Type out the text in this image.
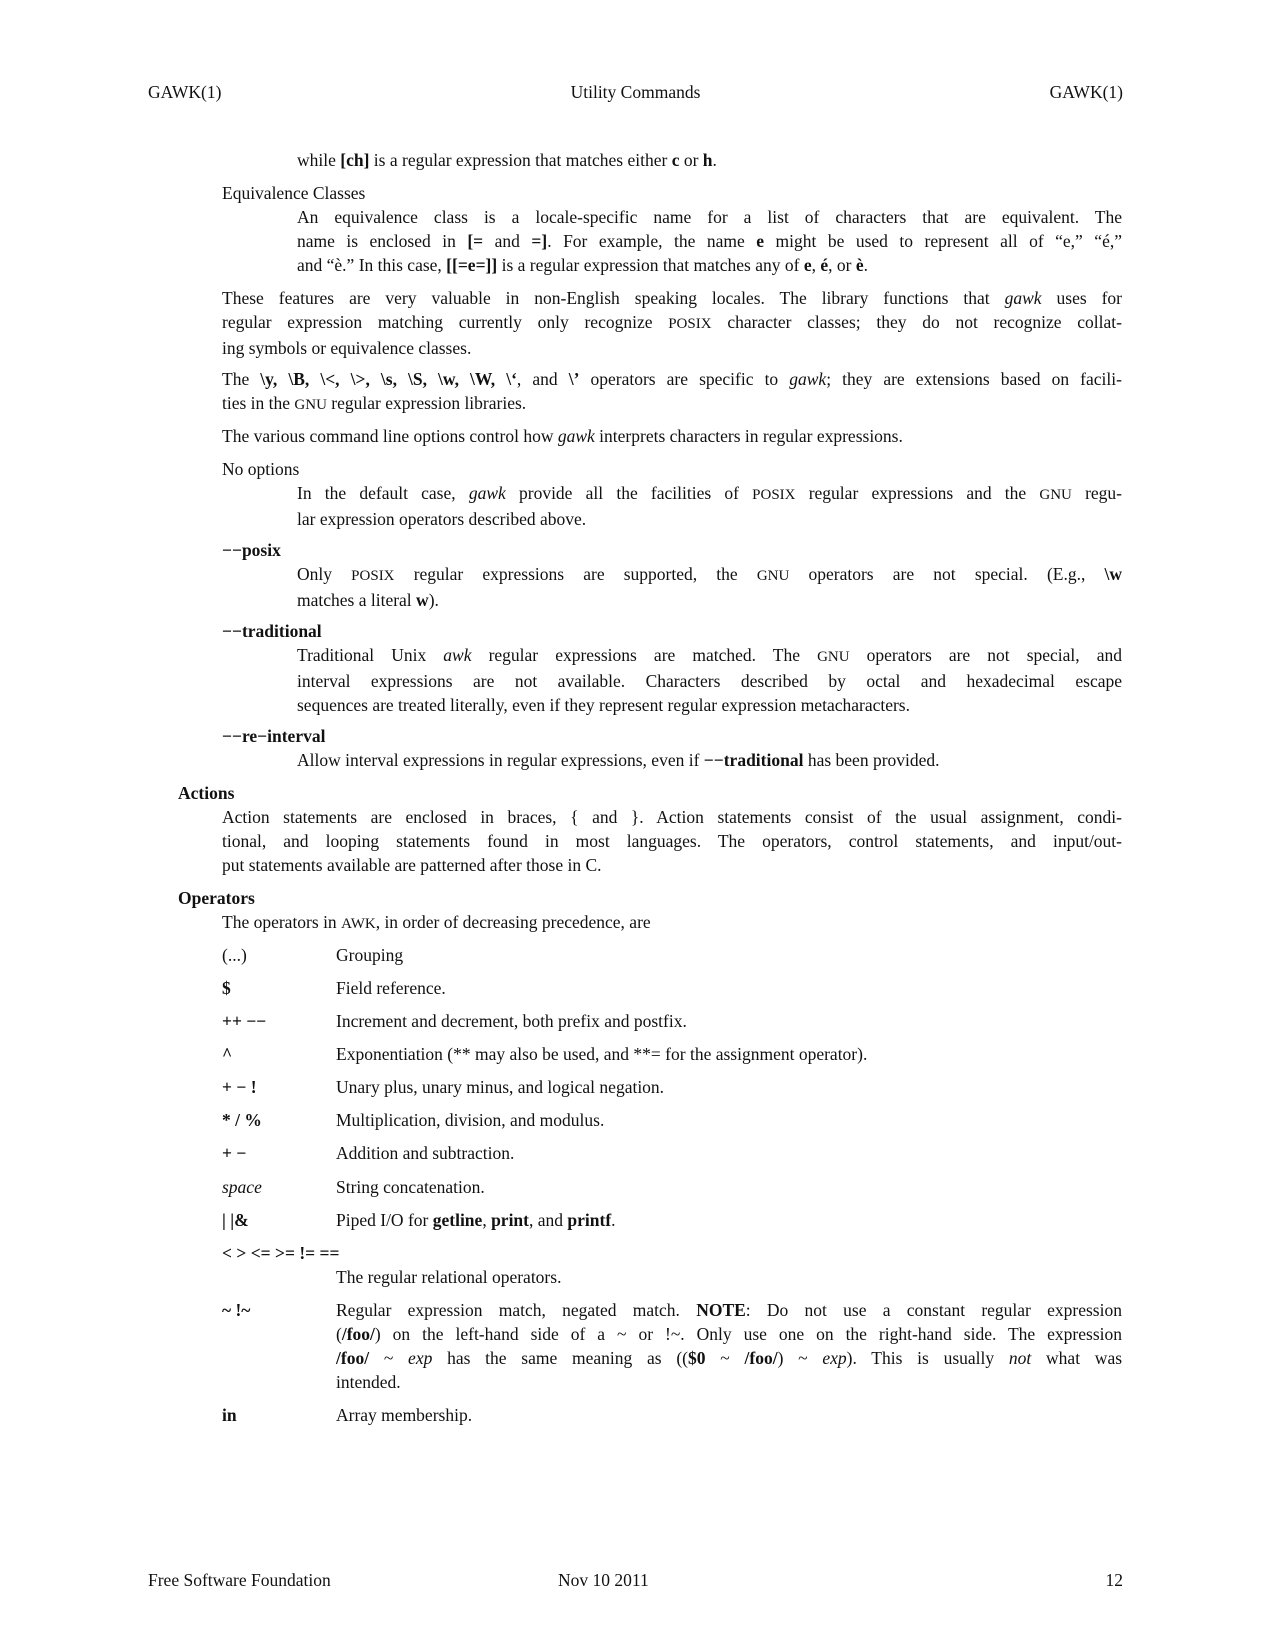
GAWK(1)	Utility Commands	GAWK(1)
while [ch] is a regular expression that matches either c or h.
Equivalence Classes
An equivalence class is a locale-specific name for a list of characters that are equivalent. The
name is enclosed in [= and =]. For example, the name e might be used to represent all of “e,” “é,”
and “è.” In this case, [[=e=]] is a regular expression that matches any of e, é, or è.
These features are very valuable in non-English speaking locales. The library functions that gawk uses for
regular expression matching currently only recognize POSIX character classes; they do not recognize collat-
ing symbols or equivalence classes.
The \y, \B, \<, \>, \s, \S, \w, \W, \‘, and \’ operators are specific to gawk; they are extensions based on facili-
ties in the GNU regular expression libraries.
The various command line options control how gawk interprets characters in regular expressions.
No options
In the default case, gawk provide all the facilities of POSIX regular expressions and the GNU regu-
lar expression operators described above.
−−posix
Only POSIX regular expressions are supported, the GNU operators are not special. (E.g., \w
matches a literal w).
−−traditional
Traditional Unix awk regular expressions are matched. The GNU operators are not special, and
interval expressions are not available. Characters described by octal and hexadecimal escape
sequences are treated literally, even if they represent regular expression metacharacters.
−−re−interval
Allow interval expressions in regular expressions, even if −−traditional has been provided.
Actions
Action statements are enclosed in braces, { and }. Action statements consist of the usual assignment, condi-
tional, and looping statements found in most languages. The operators, control statements, and input/out-
put statements available are patterned after those in C.
Operators
The operators in AWK, in order of decreasing precedence, are
(...)	Grouping
$	Field reference.
++ −−	Increment and decrement, both prefix and postfix.
^	Exponentiation (** may also be used, and **= for the assignment operator).
+ − !	Unary plus, unary minus, and logical negation.
* / %	Multiplication, division, and modulus.
+ −	Addition and subtraction.
space	String concatenation.
| |&	Piped I/O for getline, print, and printf.
< > <= >= != ==
The regular relational operators.
~ !~	Regular expression match, negated match. NOTE: Do not use a constant regular expression
(/foo/) on the left-hand side of a ~ or !~. Only use one on the right-hand side. The expression
/foo/ ~ exp has the same meaning as (($0 ~ /foo/) ~ exp). This is usually not what was
intended.
in	Array membership.
Free Software Foundation	Nov 10 2011	12
